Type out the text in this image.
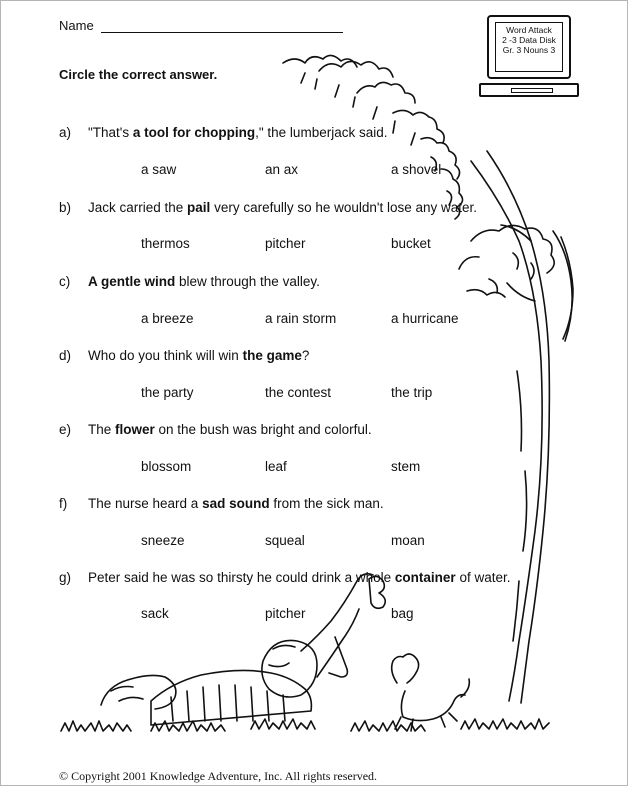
Name
Circle the correct answer.
Word Attack
2 -3 Data Disk
Gr. 3 Nouns 3
a)	"That's a tool for chopping," the lumberjack said.
a saw	an ax	a shovel
b)	Jack carried the pail very carefully so he wouldn't lose any water.
thermos	pitcher	bucket
c)	A gentle wind blew through the valley.
a breeze	a rain storm	a hurricane
d)	Who do you think will win the game?
the party	the contest	the trip
e)	The flower on the bush was bright and colorful.
blossom	leaf	stem
f)	The nurse heard a sad sound from the sick man.
sneeze	squeal	moan
g)	Peter said he was so thirsty he could drink a whole container of water.
sack	pitcher	bag
© Copyright 2001 Knowledge Adventure, Inc. All rights reserved.
